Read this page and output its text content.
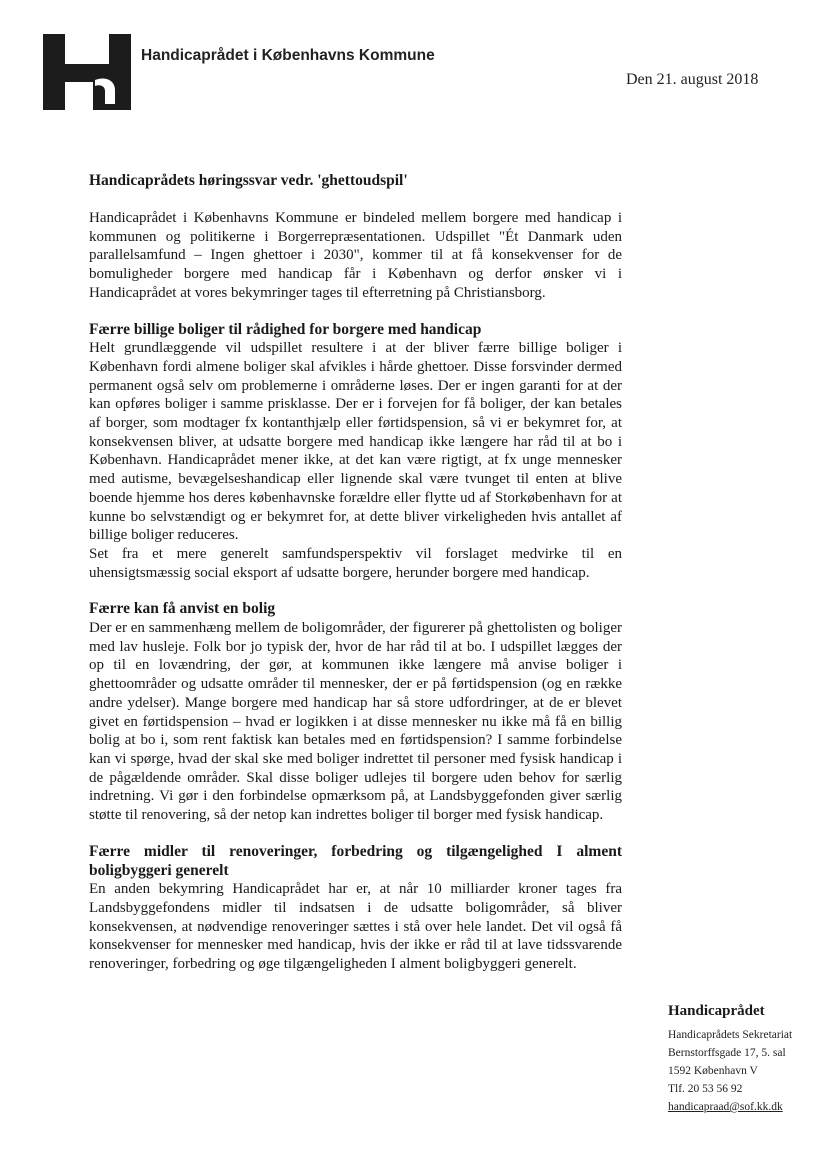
Handicaprådet i Københavns Kommune
Den 21. august 2018

Handicaprådets høringssvar vedr. 'ghettoudspil'

Handicaprådet i Københavns Kommune er bindeled mellem borgere med handicap i kommunen og politikerne i Borgerrepræsentationen. Udspillet "Ét Danmark uden parallelsamfund – Ingen ghettoer i 2030", kommer til at få konsekvenser for de bomuligheder borgere med handicap får i København og derfor ønsker vi i Handicaprådet at vores bekymringer tages til efterretning på Christiansborg.

Færre billige boliger til rådighed for borgere med handicap

Helt grundlæggende vil udspillet resultere i at der bliver færre billige boliger i København fordi almene boliger skal afvikles i hårde ghettoer. Disse forsvinder dermed permanent også selv om problemerne i områderne løses. Der er ingen garanti for at der kan opføres boliger i samme prisklasse. Der er i forvejen for få boliger, der kan betales af borger, som modtager fx kontanthjælp eller førtidspension, så vi er bekymret for, at konsekvensen bliver, at udsatte borgere med handicap ikke længere har råd til at bo i København. Handicaprådet mener ikke, at det kan være rigtigt, at fx unge mennesker med autisme, bevægelseshandicap eller lignende skal være tvunget til enten at blive boende hjemme hos deres københavnske forældre eller flytte ud af Storkøbenhavn for at kunne bo selvstændigt og er bekymret for, at dette bliver virkeligheden hvis antallet af billige boliger reduceres.

Set fra et mere generelt samfundsperspektiv vil forslaget medvirke til en uhensigtsmæssig social eksport af udsatte borgere, herunder borgere med handicap.

Færre kan få anvist en bolig

Der er en sammenhæng mellem de boligområder, der figurerer på ghettolisten og boliger med lav husleje. Folk bor jo typisk der, hvor de har råd til at bo. I udspillet lægges der op til en lovændring, der gør, at kommunen ikke længere må anvise boliger i ghettoområder og udsatte områder til mennesker, der er på førtidspension (og en række andre ydelser). Mange borgere med handicap har så store udfordringer, at de er blevet givet en førtidspension – hvad er logikken i at disse mennesker nu ikke må få en billig bolig at bo i, som rent faktisk kan betales med en førtidspension? I samme forbindelse kan vi spørge, hvad der skal ske med boliger indrettet til personer med fysisk handicap i de pågældende områder. Skal disse boliger udlejes til borgere uden behov for særlig indretning. Vi gør i den forbindelse opmærksom på, at Landsbyggefonden giver særlig støtte til renovering, så der netop kan indrettes boliger til borger med fysisk handicap.

Færre midler til renoveringer, forbedring og tilgængelighed I alment boligbyggeri generelt

En anden bekymring Handicaprådet har er, at når 10 milliarder kroner tages fra Landsbyggefondens midler til indsatsen i de udsatte boligområder, så bliver konsekvensen, at nødvendige renoveringer sættes i stå over hele landet. Det vil også få konsekvenser for mennesker med handicap, hvis der ikke er råd til at lave tidssvarende renoveringer, forbedring og øge tilgængeligheden I alment boligbyggeri generelt.

Handicaprådet
Handicaprådets Sekretariat
Bernstorffsgade 17, 5. sal
1592 København V
Tlf. 20 53 56 92
handicapraad@sof.kk.dk
